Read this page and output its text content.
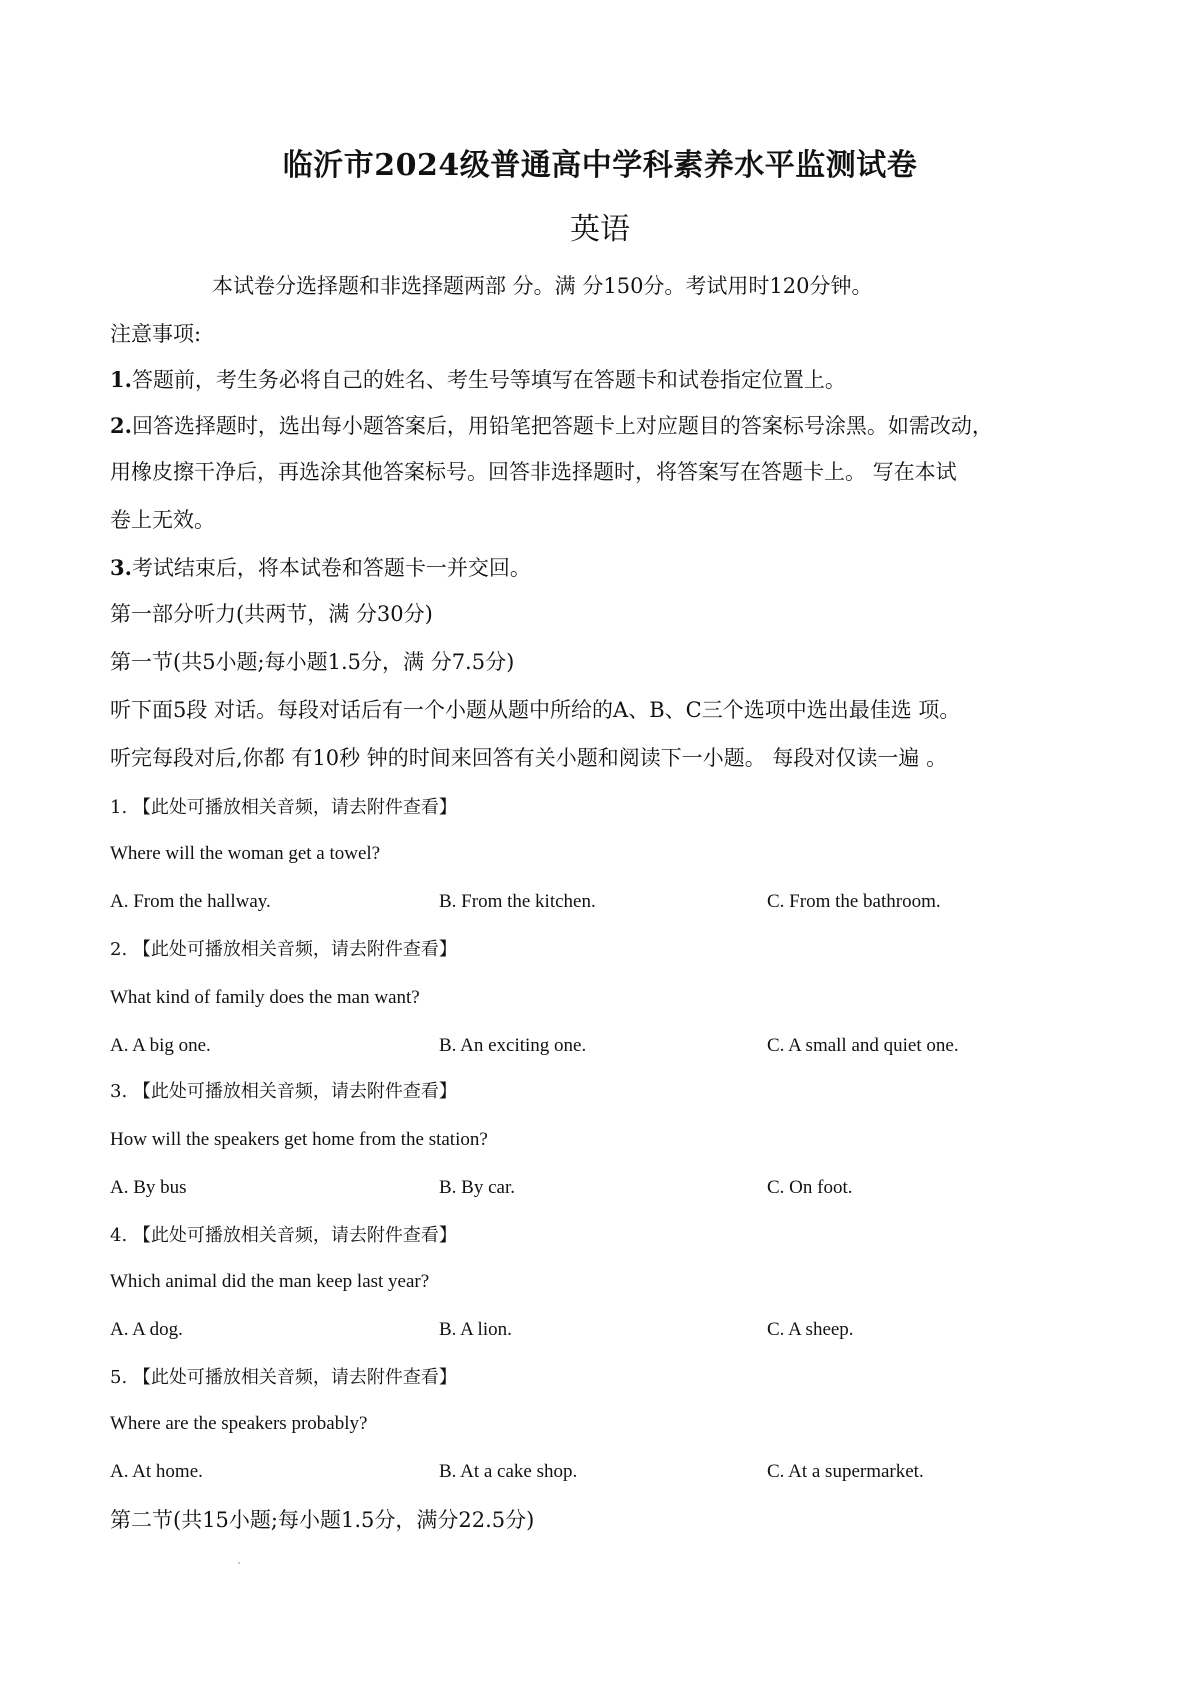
临沂市2024级普通高中学科素养水平监测试卷
英语
本试卷分选择题和非选择题两部 分。满 分150分。考试用时120分钟。
注意事项:
1.答题前，考生务必将自己的姓名、考生号等填写在答题卡和试卷指定位置上。
2.回答选择题时，选出每小题答案后，用铅笔把答题卡上对应题目的答案标号涂黑。如需改动，
用橡皮擦干净后，再选涂其他答案标号。回答非选择题时，将答案写在答题卡上。 写在本试
卷上无效。
3.考试结束后，将本试卷和答题卡一并交回。
第一部分听力(共两节，满 分30分)
第一节(共5小题;每小题1.5分，满 分7.5分)
听下面5段 对话。每段对话后有一个小题从题中所给的A、B、C三个选项中选出最佳选 项。
听完每段对后,你都 有10秒 钟的时间来回答有关小题和阅读下一小题。 每段对仅读一遍 。
1. 【此处可播放相关音频，请去附件查看】
Where will the woman get a towel?
A. From the hallway.	B. From the kitchen.	C. From the bathroom.
2. 【此处可播放相关音频，请去附件查看】
What kind of family does the man want?
A. A big one.	B. An exciting one.	C. A small and quiet one.
3. 【此处可播放相关音频，请去附件查看】
How will the speakers get home from the station?
A. By bus	B. By car.	C. On foot.
4. 【此处可播放相关音频，请去附件查看】
Which animal did the man keep last year?
A. A dog.	B. A lion.	C. A sheep.
5. 【此处可播放相关音频，请去附件查看】
Where are the speakers probably?
A. At home.	B. At a cake shop.	C. At a supermarket.
第二节(共15小题;每小题1.5分，满分22.5分)
